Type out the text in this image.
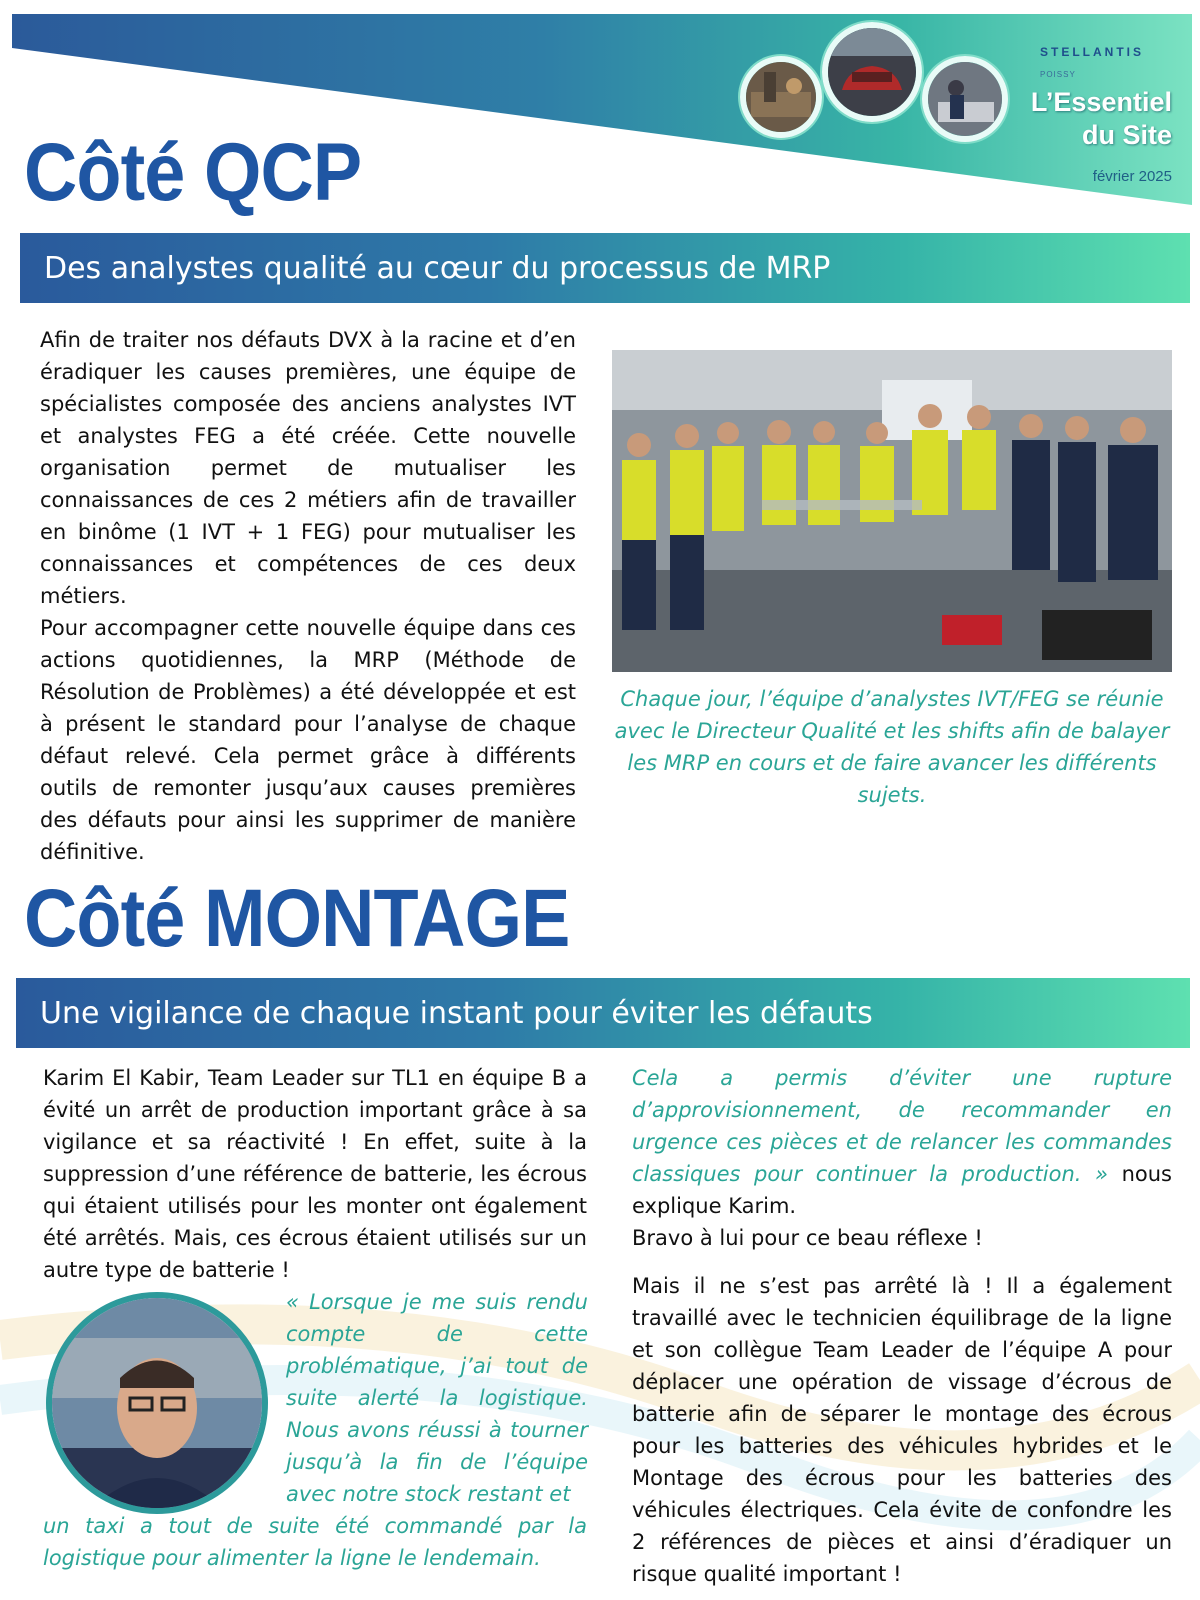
STELLANTIS
POISSY
L’Essentiel
du Site
février 2025
Côté QCP
Des analystes qualité au cœur du processus de MRP

Afin de traiter nos défauts DVX à la racine et d’en éradiquer les causes premières, une équipe de spécialistes composée des anciens analystes IVT et analystes FEG a été créée. Cette nouvelle organisation permet de mutualiser les connaissances de ces 2 métiers afin de travailler en binôme (1 IVT + 1 FEG) pour mutualiser les connaissances et compétences de ces deux métiers.

Pour accompagner cette nouvelle équipe dans ces actions quotidiennes, la MRP (Méthode de Résolution de Problèmes) a été développée et est à présent le standard pour l’analyse de chaque défaut relevé. Cela permet grâce à différents outils de remonter jusqu’aux causes premières des défauts pour ainsi les supprimer de manière définitive.

Chaque jour, l’équipe d’analystes IVT/FEG se réunie avec le Directeur Qualité et les shifts afin de balayer les MRP en cours et de faire avancer les différents sujets.
Côté MONTAGE
Une vigilance de chaque instant pour éviter les défauts

Karim El Kabir, Team Leader sur TL1 en équipe B a évité un arrêt de production important grâce à sa vigilance et sa réactivité ! En effet, suite à la suppression d’une référence de batterie, les écrous qui étaient utilisés pour les monter ont également été arrêtés. Mais, ces écrous étaient utilisés sur un autre type de batterie !

« Lorsque je me suis rendu compte de cette problématique, j’ai tout de suite alerté la logistique. Nous avons réussi à tourner jusqu’à la fin de l’équipe avec notre stock restant et
un taxi a tout de suite été commandé par la logistique pour alimenter la ligne le lendemain.

Cela a permis d’éviter une rupture d’approvisionnement, de recommander en urgence ces pièces et de relancer les commandes classiques pour continuer la production. » nous explique Karim.

Bravo à lui pour ce beau réflexe !

Mais il ne s’est pas arrêté là ! Il a également travaillé avec le technicien équilibrage de la ligne et son collègue Team Leader de l’équipe A pour déplacer une opération de vissage d’écrous de batterie afin de séparer le montage des écrous pour les batteries des véhicules hybrides et le Montage des écrous pour les batteries des véhicules électriques. Cela évite de confondre les 2 références de pièces et ainsi d’éradiquer un risque qualité important !
